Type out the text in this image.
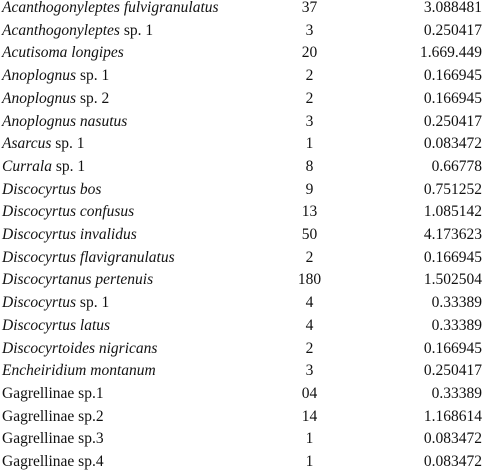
Acanthogonyleptes fulvigranulatus	37	3.088481
Acanthogonyleptes sp. 1	3	0.250417
Acutisoma longipes	20	1.669.449
Anoplognus sp. 1	2	0.166945
Anoplognus sp. 2	2	0.166945
Anoplognus nasutus	3	0.250417
Asarcus sp. 1	1	0.083472
Currala sp. 1	8	0.66778
Discocyrtus bos	9	0.751252
Discocyrtus confusus	13	1.085142
Discocyrtus invalidus	50	4.173623
Discocyrtus flavigranulatus	2	0.166945
Discocyrtanus pertenuis	180	1.502504
Discocyrtus sp. 1	4	0.33389
Discocyrtus latus	4	0.33389
Discocyrtoides nigricans	2	0.166945
Encheiridium montanum	3	0.250417
Gagrellinae sp.1	04	0.33389
Gagrellinae sp.2	14	1.168614
Gagrellinae sp.3	1	0.083472
Gagrellinae sp.4	1	0.083472
